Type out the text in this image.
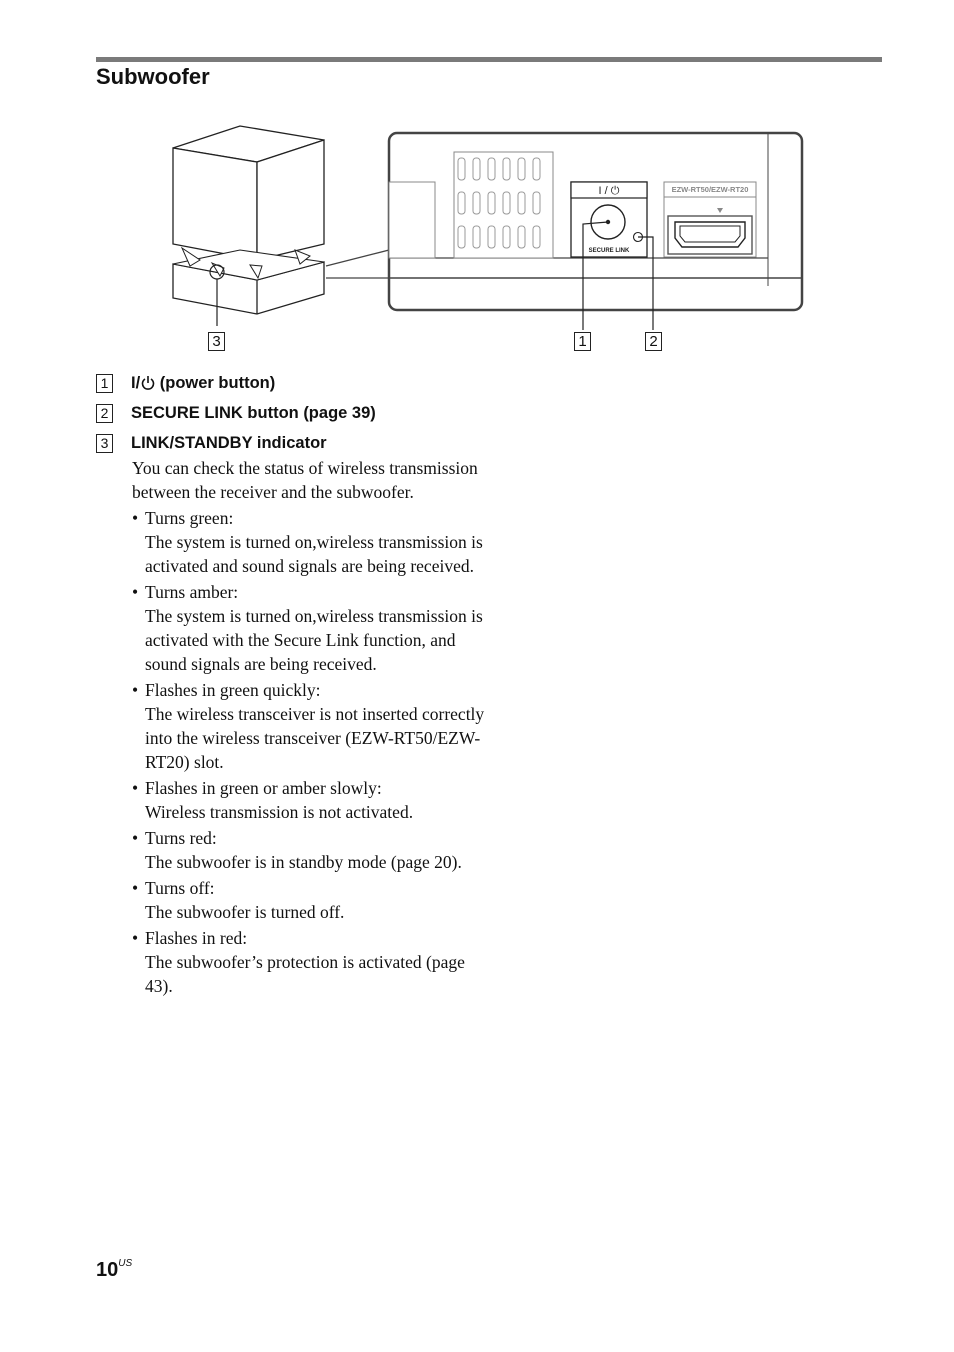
Subwoofer
I / ⏻
SECURE LINK
EZW-RT50/EZW-RT20
3	1	2
1 I/ (power button)
2 SECURE LINK button (page 39)
3 LINK/STANDBY indicator
You can check the status of wireless transmission between the receiver and the subwoofer.
• Turns green:
The system is turned on,wireless transmission is activated and sound signals are being received.
• Turns amber:
The system is turned on,wireless transmission is activated with the Secure Link function, and sound signals are being received.
• Flashes in green quickly:
The wireless transceiver is not inserted correctly into the wireless transceiver (EZW-RT50/EZW-RT20) slot.
• Flashes in green or amber slowly:
Wireless transmission is not activated.
• Turns red:
The subwoofer is in standby mode (page 20).
• Turns off:
The subwoofer is turned off.
• Flashes in red:
The subwoofer’s protection is activated (page 43).
$10^{US}$
